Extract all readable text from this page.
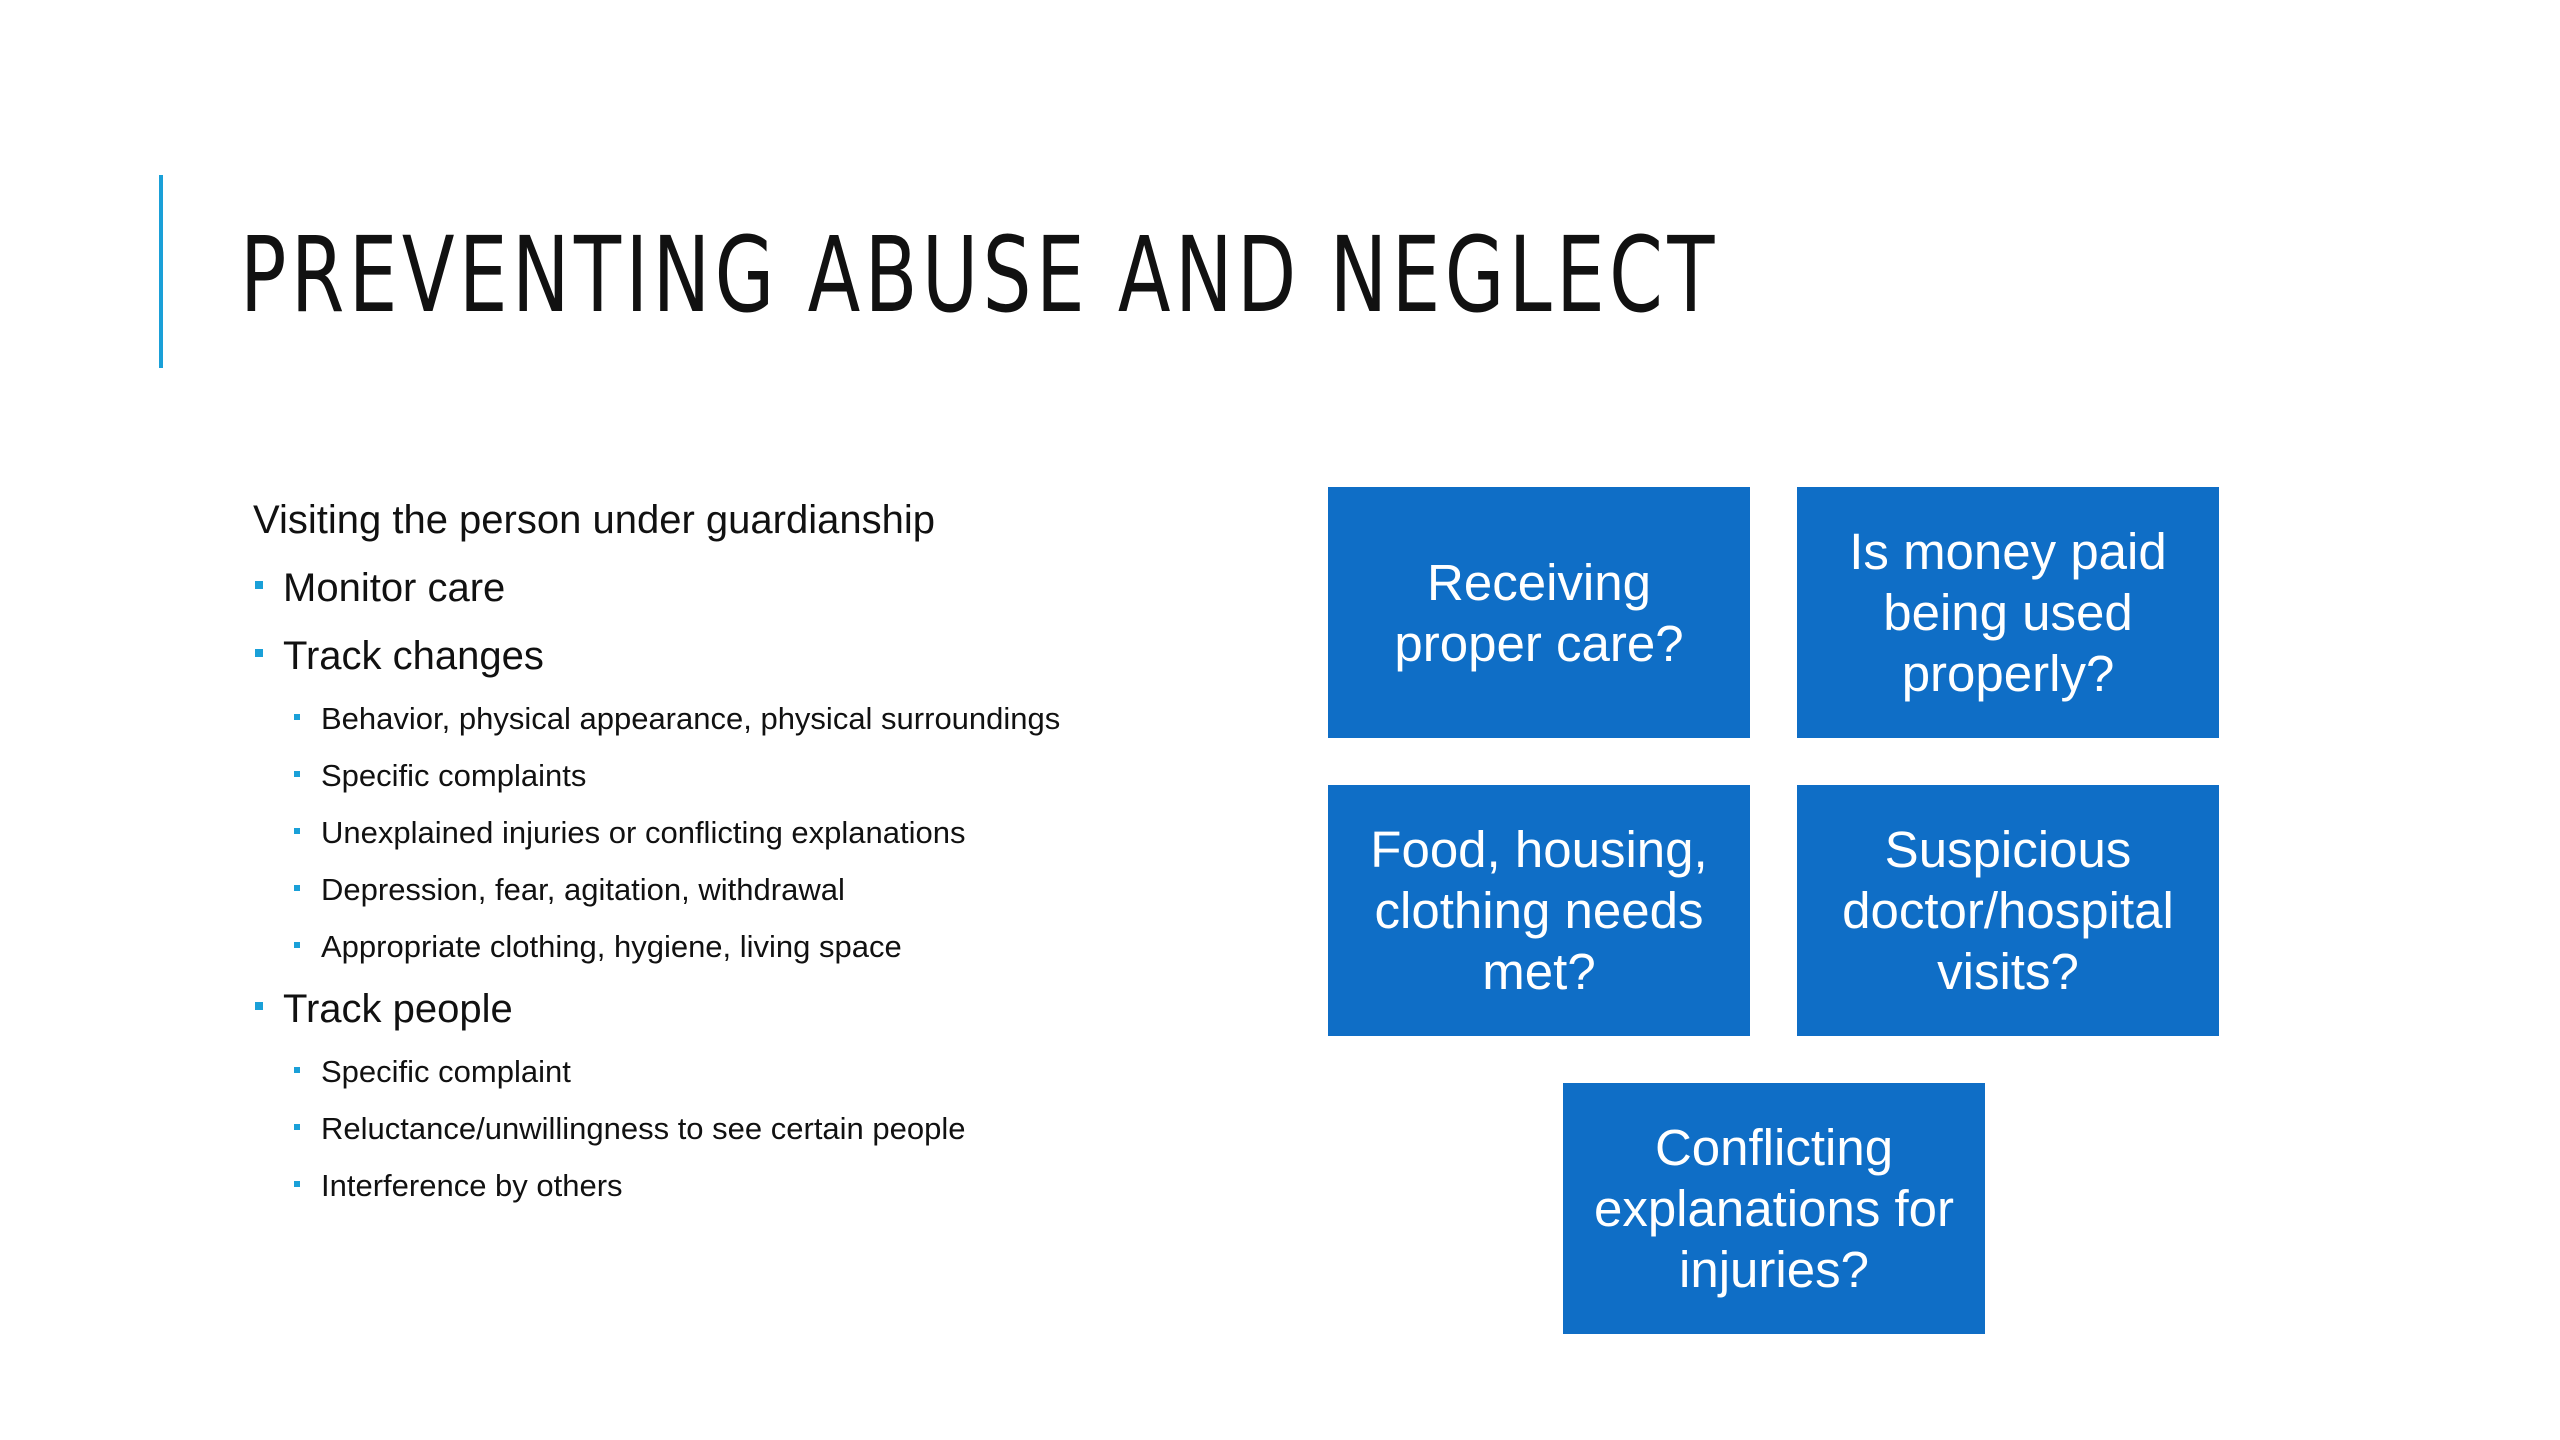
PREVENTING ABUSE AND NEGLECT
Visiting the person under guardianship
Monitor care
Track changes
Behavior, physical appearance, physical surroundings
Specific complaints
Unexplained injuries or conflicting explanations
Depression, fear, agitation, withdrawal
Appropriate clothing, hygiene, living space
Track people
Specific complaint
Reluctance/unwillingness to see certain people
Interference by others
Receiving proper care?
Is money paid being used properly?
Food, housing, clothing needs met?
Suspicious doctor/hospital visits?
Conflicting explanations for injuries?
